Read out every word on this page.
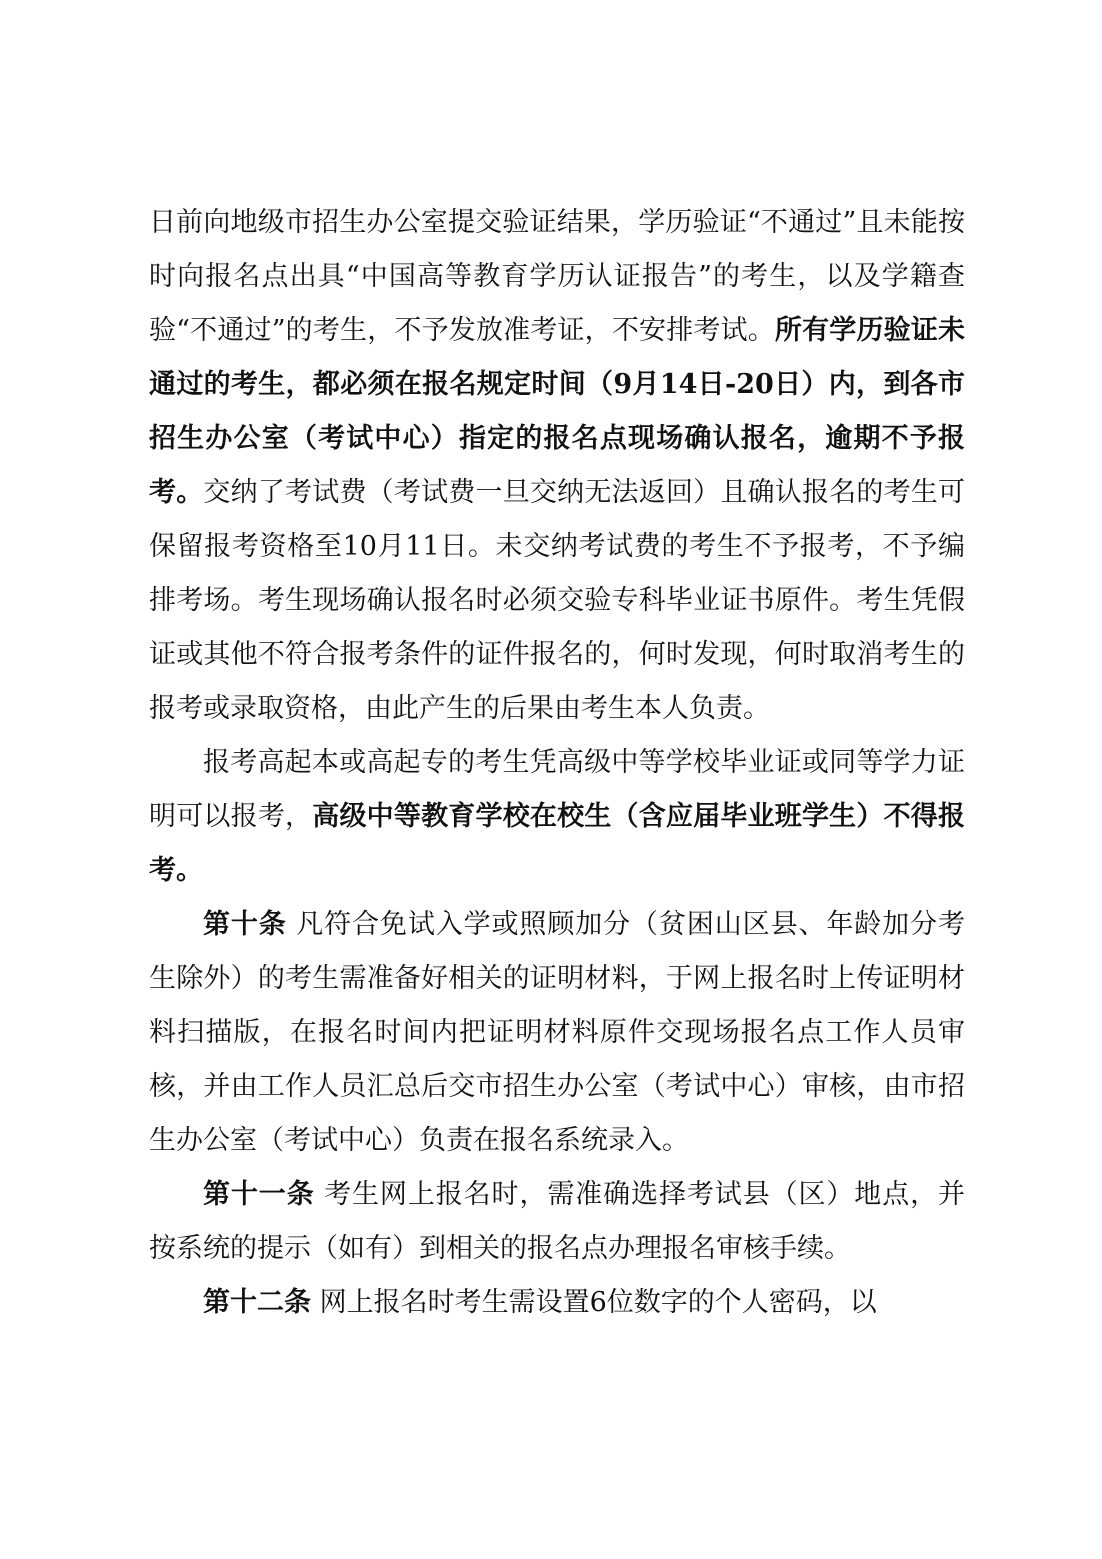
日前向地级市招生办公室提交验证结果，学历验证“不通过”且未能按时向报名点出具“中国高等教育学历认证报告”的考生，以及学籍查验“不通过”的考生，不予发放准考证，不安排考试。所有学历验证未通过的考生，都必须在报名规定时间（9月14日-20日）内，到各市招生办公室（考试中心）指定的报名点现场确认报名，逾期不予报考。交纳了考试费（考试费一旦交纳无法返回）且确认报名的考生可保留报考资格至10月11日。未交纳考试费的考生不予报考，不予编排考场。考生现场确认报名时必须交验专科毕业证书原件。考生凭假证或其他不符合报考条件的证件报名的，何时发现，何时取消考生的报考或录取资格，由此产生的后果由考生本人负责。

报考高起本或高起专的考生凭高级中等学校毕业证或同等学力证明可以报考，高级中等教育学校在校生（含应届毕业班学生）不得报考。

第十条 凡符合免试入学或照顾加分（贫困山区县、年龄加分考生除外）的考生需准备好相关的证明材料，于网上报名时上传证明材料扫描版，在报名时间内把证明材料原件交现场报名点工作人员审核，并由工作人员汇总后交市招生办公室（考试中心）审核，由市招生办公室（考试中心）负责在报名系统录入。

第十一条 考生网上报名时，需准确选择考试县（区）地点，并按系统的提示（如有）到相关的报名点办理报名审核手续。

第十二条 网上报名时考生需设置6位数字的个人密码，以
